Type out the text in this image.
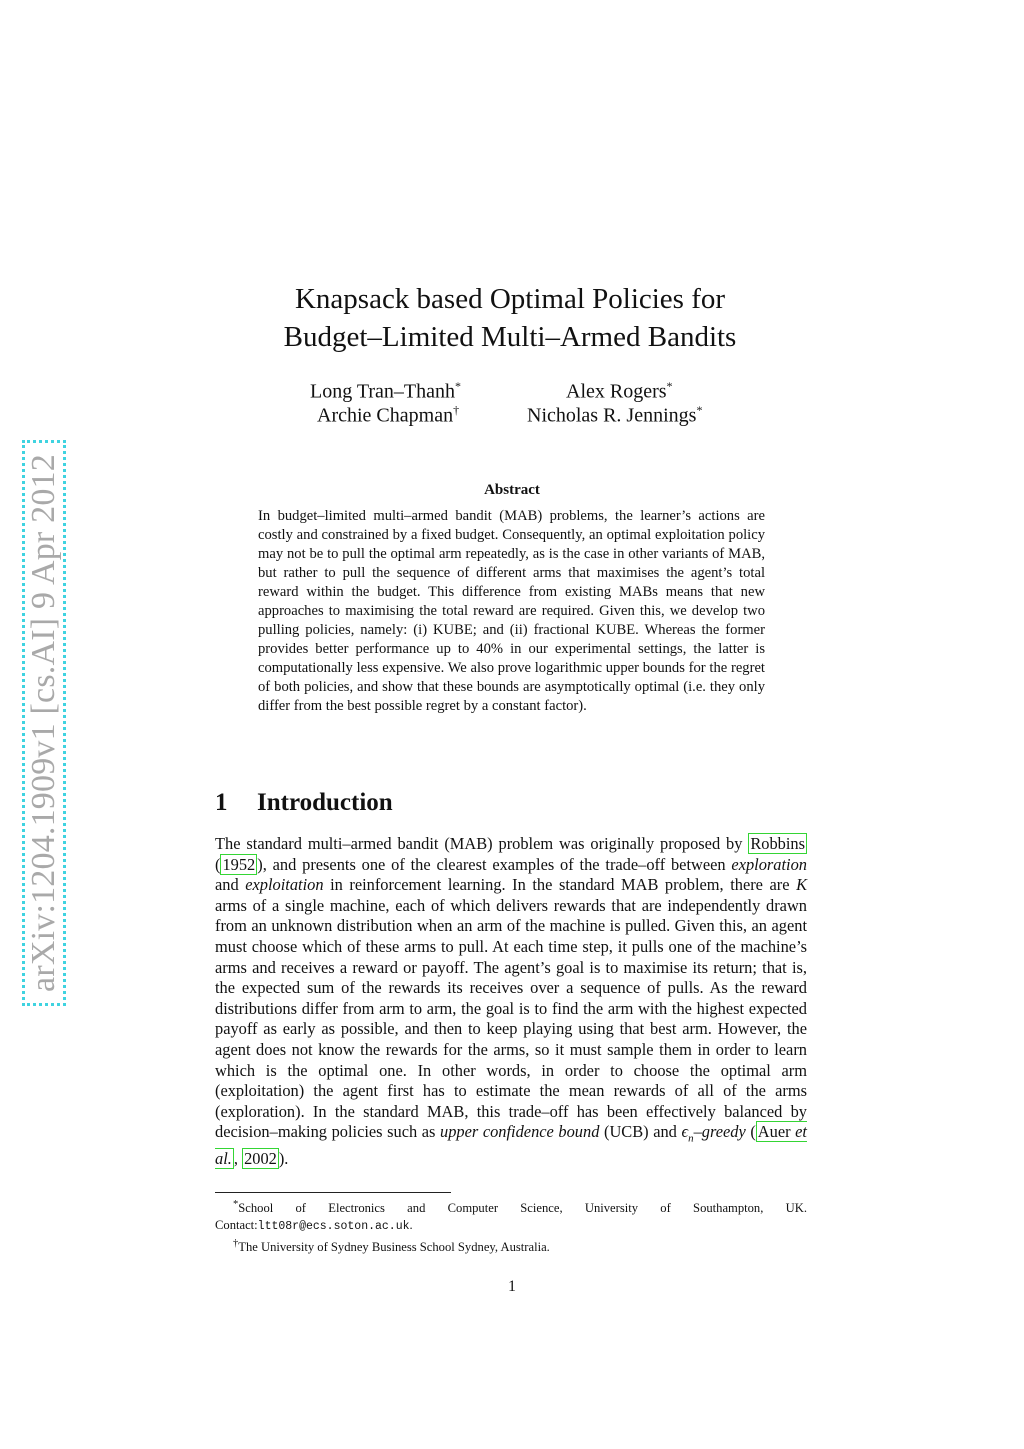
arXiv:1204.1909v1 [cs.AI] 9 Apr 2012
Knapsack based Optimal Policies for
Budget–Limited Multi–Armed Bandits
Long Tran–Thanh*	Alex Rogers*
Archie Chapman†	Nicholas R. Jennings*
Abstract

In budget–limited multi–armed bandit (MAB) problems, the learner’s actions are costly and constrained by a fixed budget. Consequently, an optimal exploitation policy may not be to pull the optimal arm repeatedly, as is the case in other variants of MAB, but rather to pull the sequence of different arms that maximises the agent’s total reward within the budget. This difference from existing MABs means that new approaches to maximising the total reward are required. Given this, we develop two pulling policies, namely: (i) KUBE; and (ii) fractional KUBE. Whereas the former provides better performance up to 40% in our experimental settings, the latter is computationally less expensive. We also prove logarithmic upper bounds for the regret of both policies, and show that these bounds are asymptotically optimal (i.e. they only differ from the best possible regret by a constant factor).

1 Introduction

The standard multi–armed bandit (MAB) problem was originally proposed by Robbins ( 1952 ), and presents one of the clearest examples of the trade–off between exploration and exploitation in reinforcement learning. In the standard MAB problem, there are K arms of a single machine, each of which delivers rewards that are independently drawn from an unknown distribution when an arm of the machine is pulled. Given this, an agent must choose which of these arms to pull. At each time step, it pulls one of the machine’s arms and receives a reward or payoff. The agent’s goal is to maximise its return; that is, the expected sum of the rewards its receives over a sequence of pulls. As the reward distributions differ from arm to arm, the goal is to find the arm with the highest expected payoff as early as possible, and then to keep playing using that best arm. However, the agent does not know the rewards for the arms, so it must sample them in order to learn which is the optimal one. In other words, in order to choose the optimal arm (exploitation) the agent first has to estimate the mean rewards of all of the arms (exploration). In the standard MAB, this trade–off has been effectively balanced by decision–making policies such as upper confidence bound (UCB) and $\epsilon_n$–greedy ( Auer et al. , 2002 ).

*School of Electronics and Computer Science, University of Southampton, UK. Contact:ltt08r@ecs.soton.ac.uk.

†The University of Sydney Business School Sydney, Australia.

1
